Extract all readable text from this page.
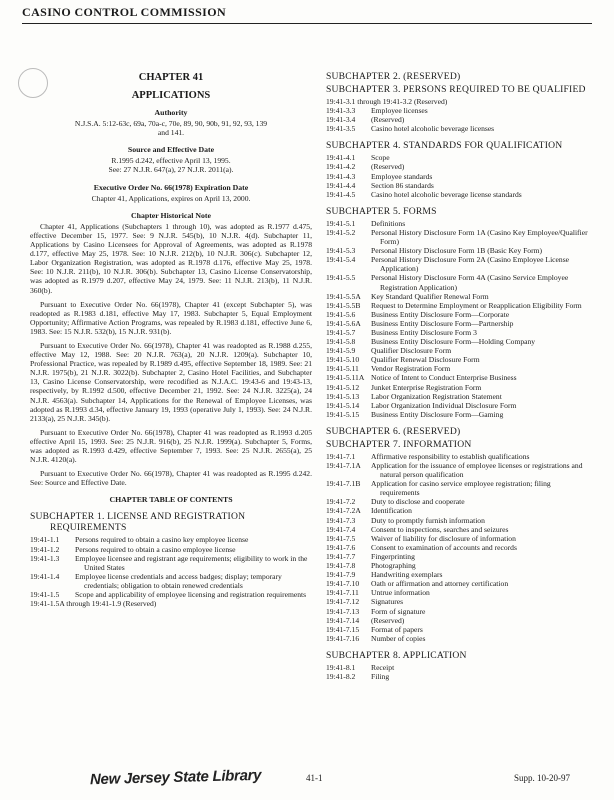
CASINO CONTROL COMMISSION
CHAPTER 41
APPLICATIONS
Authority
N.J.S.A. 5:12-63c, 69a, 70a-c, 70e, 89, 90, 90b, 91, 92, 93, 139 and 141.
Source and Effective Date
R.1995 d.242, effective April 13, 1995.
See: 27 N.J.R. 647(a), 27 N.J.R. 2011(a).
Executive Order No. 66(1978) Expiration Date
Chapter 41, Applications, expires on April 13, 2000.
Chapter Historical Note

Chapter 41, Applications (Subchapters 1 through 10), was adopted as R.1977 d.475, effective December 15, 1977. See: 9 N.J.R. 545(b), 10 N.J.R. 4(d). Subchapter 11, Applications by Casino Licensees for Approval of Agreements, was adopted as R.1978 d.177, effective May 25, 1978. See: 10 N.J.R. 212(b), 10 N.J.R. 306(c). Subchapter 12, Labor Organization Registration, was adopted as R.1978 d.176, effective May 25, 1978. See: 10 N.J.R. 211(b), 10 N.J.R. 306(b). Subchapter 13, Casino License Conservatorship, was adopted as R.1979 d.207, effective May 24, 1979. See: 11 N.J.R. 213(b), 11 N.J.R. 360(b).

Pursuant to Executive Order No. 66(1978), Chapter 41 (except Subchapter 5), was readopted as R.1983 d.181, effective May 17, 1983. Subchapter 5, Equal Employment Opportunity; Affirmative Action Programs, was repealed by R.1983 d.181, effective June 6, 1983. See: 15 N.J.R. 532(b), 15 N.J.R. 931(b).

Pursuant to Executive Order No. 66(1978), Chapter 41 was readopted as R.1988 d.255, effective May 12, 1988. See: 20 N.J.R. 763(a), 20 N.J.R. 1209(a). Subchapter 10, Professional Practice, was repealed by R.1989 d.495, effective September 18, 1989. See: 21 N.J.R. 1975(b), 21 N.J.R. 3022(b). Subchapter 2, Casino Hotel Facilities, and Subchapter 13, Casino License Conservatorship, were recodified as N.J.A.C. 19:43-6 and 19:43-13, respectively, by R.1992 d.500, effective December 21, 1992. See: 24 N.J.R. 3225(a), 24 N.J.R. 4563(a). Subchapter 14, Applications for the Renewal of Employee Licenses, was adopted as R.1993 d.34, effective January 19, 1993 (operative July 1, 1993). See: 24 N.J.R. 2133(a), 25 N.J.R. 345(b).

Pursuant to Executive Order No. 66(1978), Chapter 41 was readopted as R.1993 d.205 effective April 15, 1993. See: 25 N.J.R. 916(b), 25 N.J.R. 1999(a). Subchapter 5, Forms, was adopted as R.1993 d.429, effective September 7, 1993. See: 25 N.J.R. 2655(a), 25 N.J.R. 4120(a).

Pursuant to Executive Order No. 66(1978), Chapter 41 was readopted as R.1995 d.242. See: Source and Effective Date.

CHAPTER TABLE OF CONTENTS
SUBCHAPTER 1. LICENSE AND REGISTRATION REQUIREMENTS
19:41-1.1	Persons required to obtain a casino key employee license
19:41-1.2	Persons required to obtain a casino employee license
19:41-1.3	Employee licensee and registrant age requirements; eligibility to work in the United States
19:41-1.4	Employee license credentials and access badges; display; temporary credentials; obligation to obtain renewed credentials
19:41-1.5	Scope and applicability of employee licensing and registration requirements
19:41-1.5A through 19:41-1.9 (Reserved)
SUBCHAPTER 2. (RESERVED)
SUBCHAPTER 3. PERSONS REQUIRED TO BE QUALIFIED
19:41-3.1 through 19:41-3.2 (Reserved)
19:41-3.3	Employee licenses
19:41-3.4	(Reserved)
19:41-3.5	Casino hotel alcoholic beverage licenses
SUBCHAPTER 4. STANDARDS FOR QUALIFICATION
19:41-4.1	Scope
19:41-4.2	(Reserved)
19:41-4.3	Employee standards
19:41-4.4	Section 86 standards
19:41-4.5	Casino hotel alcoholic beverage license standards
SUBCHAPTER 5. FORMS
19:41-5.1	Definitions
19:41-5.2	Personal History Disclosure Form 1A (Casino Key Employee/Qualifier Form)
19:41-5.3	Personal History Disclosure Form 1B (Basic Key Form)
19:41-5.4	Personal History Disclosure Form 2A (Casino Employee License Application)
19:41-5.5	Personal History Disclosure Form 4A (Casino Service Employee Registration Application)
19:41-5.5A	Key Standard Qualifier Renewal Form
19:41-5.5B	Request to Determine Employment or Reapplication Eligibility Form
19:41-5.6	Business Entity Disclosure Form—Corporate
19:41-5.6A	Business Entity Disclosure Form—Partnership
19:41-5.7	Business Entity Disclosure Form 3
19:41-5.8	Business Entity Disclosure Form—Holding Company
19:41-5.9	Qualifier Disclosure Form
19:41-5.10	Qualifier Renewal Disclosure Form
19:41-5.11	Vendor Registration Form
19:41-5.11A Notice of Intent to Conduct Enterprise Business
19:41-5.12	Junket Enterprise Registration Form
19:41-5.13	Labor Organization Registration Statement
19:41-5.14	Labor Organization Individual Disclosure Form
19:41-5.15	Business Entity Disclosure Form—Gaming
SUBCHAPTER 6. (RESERVED)
SUBCHAPTER 7. INFORMATION
19:41-7.1	Affirmative responsibility to establish qualifications
19:41-7.1A	Application for the issuance of employee licenses or registrations and natural person qualification
19:41-7.1B	Application for casino service employee registration; filing requirements
19:41-7.2	Duty to disclose and cooperate
19:41-7.2A	Identification
19:41-7.3	Duty to promptly furnish information
19:41-7.4	Consent to inspections, searches and seizures
19:41-7.5	Waiver of liability for disclosure of information
19:41-7.6	Consent to examination of accounts and records
19:41-7.7	Fingerprinting
19:41-7.8	Photographing
19:41-7.9	Handwriting exemplars
19:41-7.10	Oath or affirmation and attorney certification
19:41-7.11	Untrue information
19:41-7.12	Signatures
19:41-7.13	Form of signature
19:41-7.14	(Reserved)
19:41-7.15	Format of papers
19:41-7.16	Number of copies
SUBCHAPTER 8. APPLICATION
19:41-8.1	Receipt
19:41-8.2	Filing
New Jersey State Library	41-1	Supp. 10-20-97
